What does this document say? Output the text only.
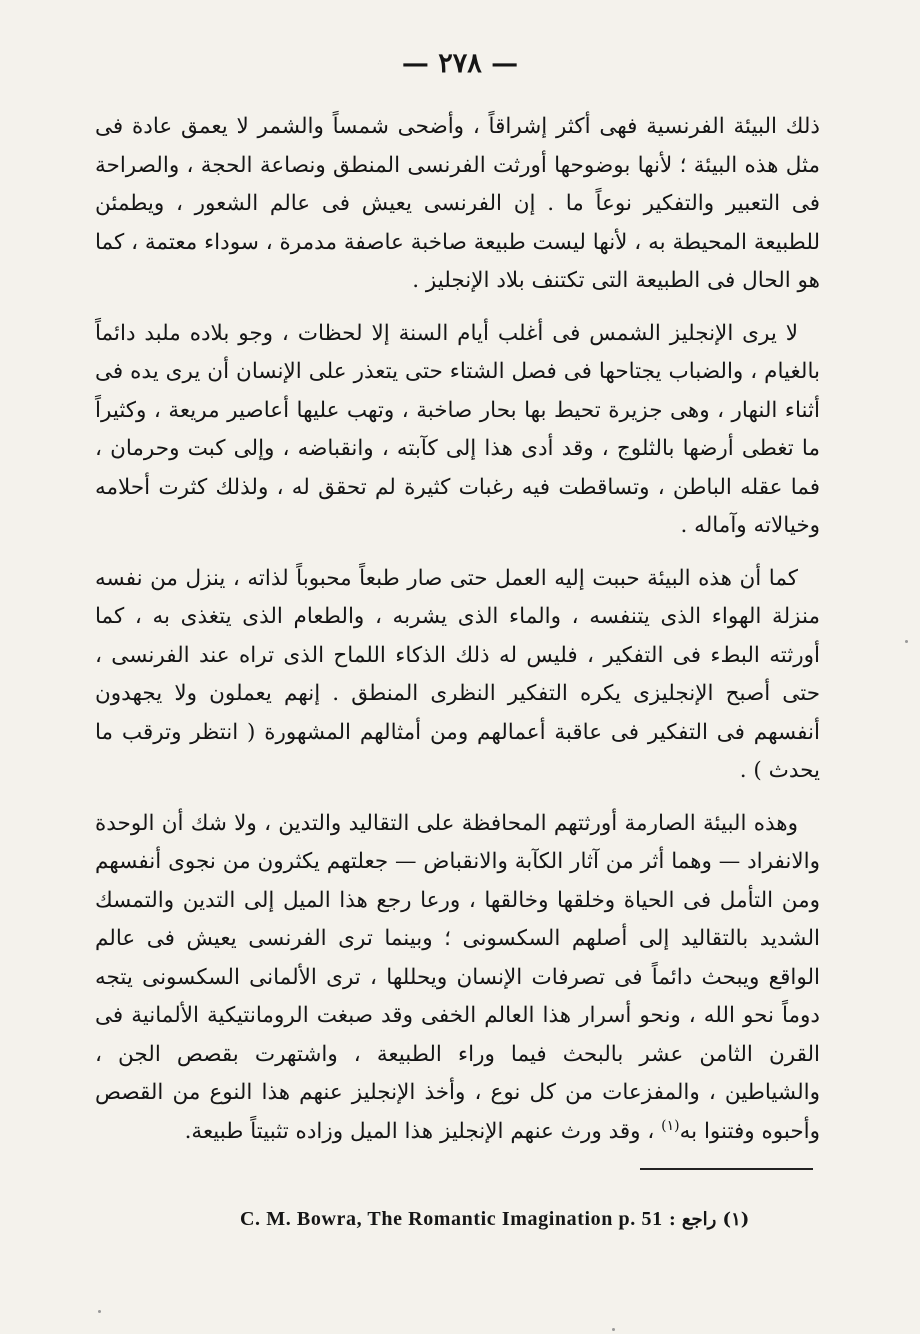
— ٢٧٨ —

ذلك البيئة الفرنسية فهى أكثر إشراقاً ، وأضحى شمساً والشمر لا يعمق عادة فى مثل هذه البيئة ؛ لأنها بوضوحها أورثت الفرنسى المنطق ونصاعة الحجة ، والصراحة فى التعبير والتفكير نوعاً ما . إن الفرنسى يعيش فى عالم الشعور ، ويطمئن للطبيعة المحيطة به ، لأنها ليست طبيعة صاخبة عاصفة مدمرة ، سوداء معتمة ، كما هو الحال فى الطبيعة التى تكتنف بلاد الإنجليز .

لا يرى الإنجليز الشمس فى أغلب أيام السنة إلا لحظات ، وجو بلاده ملبد دائماً بالغيام ، والضباب يجتاحها فى فصل الشتاء حتى يتعذر على الإنسان أن يرى يده فى أثناء النهار ، وهى جزيرة تحيط بها بحار صاخبة ، وتهب عليها أعاصير مريعة ، وكثيراً ما تغطى أرضها بالثلوج ، وقد أدى هذا إلى كآبته ، وانقباضه ، وإلى كبت وحرمان ، فما عقله الباطن ، وتساقطت فيه رغبات كثيرة لم تحقق له ، ولذلك كثرت أحلامه وخيالاته وآماله .

كما أن هذه البيئة حببت إليه العمل حتى صار طبعاً محبوباً لذاته ، ينزل من نفسه منزلة الهواء الذى يتنفسه ، والماء الذى يشربه ، والطعام الذى يتغذى به ، كما أورثته البطء فى التفكير ، فليس له ذلك الذكاء اللماح الذى تراه عند الفرنسى ، حتى أصبح الإنجليزى يكره التفكير النظرى المنطق . إنهم يعملون ولا يجهدون أنفسهم فى التفكير فى عاقبة أعمالهم ومن أمثالهم المشهورة ( انتظر وترقب ما يحدث ) .

وهذه البيئة الصارمة أورثتهم المحافظة على التقاليد والتدين ، ولا شك أن الوحدة والانفراد — وهما أثر من آثار الكآبة والانقباض — جعلتهم يكثرون من نجوى أنفسهم ومن التأمل فى الحياة وخلقها وخالقها ، ورعا رجع هذا الميل إلى التدين والتمسك الشديد بالتقاليد إلى أصلهم السكسونى ؛ وبينما ترى الفرنسى يعيش فى عالم الواقع ويبحث دائماً فى تصرفات الإنسان ويحللها ، ترى الألمانى السكسونى يتجه دوماً نحو الله ، ونحو أسرار هذا العالم الخفى وقد صبغت الرومانتيكية الألمانية فى القرن الثامن عشر بالبحث فيما وراء الطبيعة ، واشتهرت بقصص الجن ، والشياطين ، والمفزعات من كل نوع ، وأخذ الإنجليز عنهم هذا النوع من القصص وأحبوه وفتنوا به$^{(١)}$ ، وقد ورث عنهم الإنجليز هذا الميل وزاده تثبيتاً طبيعة.

C. M. Bowra, The Romantic Imagination p. 51 (١) راجع :
